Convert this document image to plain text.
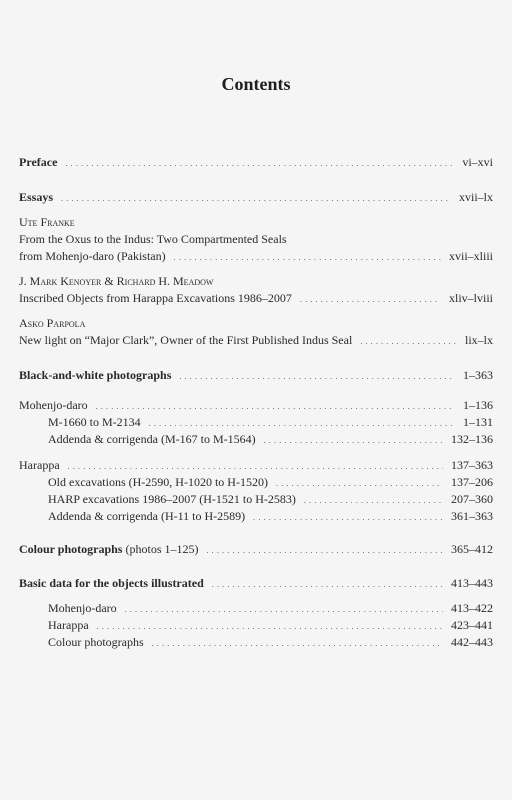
Contents
Preface . . .	vi–xvi
Essays . . .	xvii–lx
Ute Franke
From the Oxus to the Indus: Two Compartmented Seals
from Mohenjo-daro (Pakistan) . . .	xvii–xliii
J. Mark Kenoyer & Richard H. Meadow
Inscribed Objects from Harappa Excavations 1986–2007 . . .	xliv–lviii
Asko Parpola
New light on “Major Clark”, Owner of the First Published Indus Seal . . .	lix–lx
Black-and-white photographs . . .	1–363
Mohenjo-daro . . .	1–136
M-1660 to M-2134 . . .	1–131
Addenda & corrigenda (M-167 to M-1564) . . .	132–136
Harappa . . .	137–363
Old excavations (H-2590, H-1020 to H-1520) . . .	137–206
HARP excavations 1986–2007 (H-1521 to H-2583) . . .	207–360
Addenda & corrigenda (H-11 to H-2589) . . .	361–363
Colour photographs (photos 1–125) . . .	365–412
Basic data for the objects illustrated . . .	413–443
Mohenjo-daro . . .	413–422
Harappa . . .	423–441
Colour photographs . . .	442–443
